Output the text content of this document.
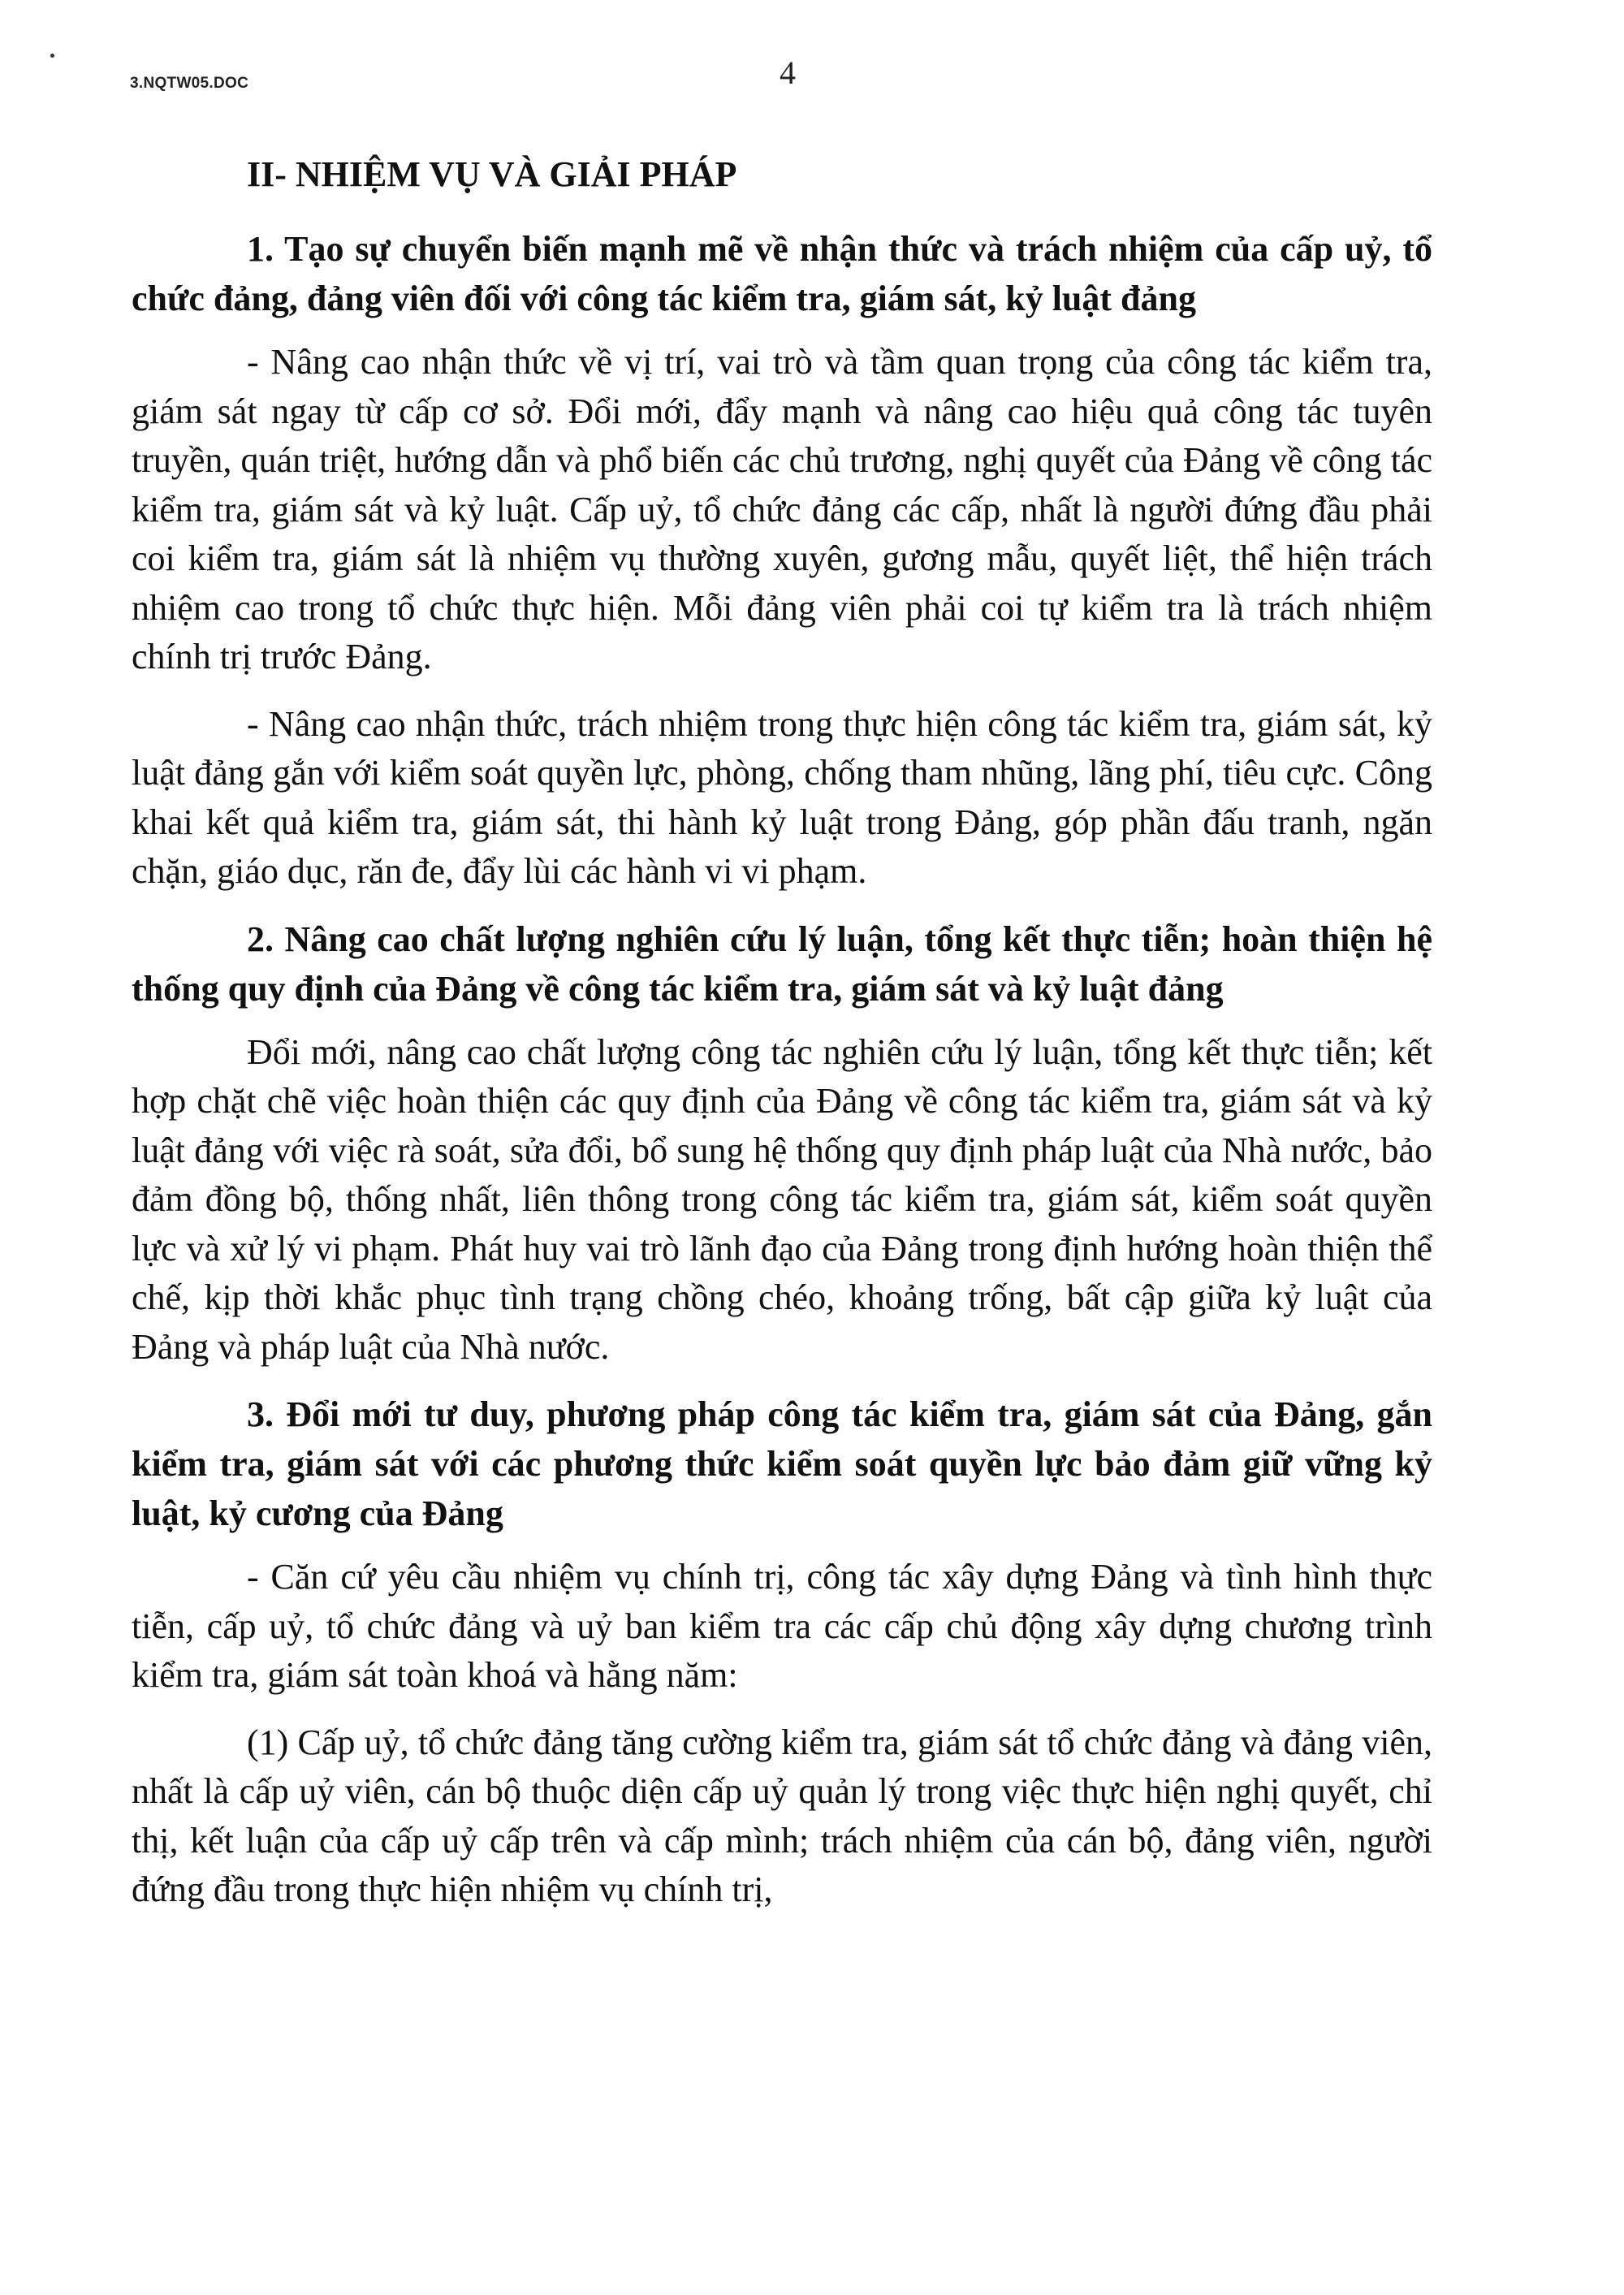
3.NQTW05.DOC	4
II- NHIỆM VỤ VÀ GIẢI PHÁP
1. Tạo sự chuyển biến mạnh mẽ về nhận thức và trách nhiệm của cấp uỷ, tổ chức đảng, đảng viên đối với công tác kiểm tra, giám sát, kỷ luật đảng
- Nâng cao nhận thức về vị trí, vai trò và tầm quan trọng của công tác kiểm tra, giám sát ngay từ cấp cơ sở. Đổi mới, đẩy mạnh và nâng cao hiệu quả công tác tuyên truyền, quán triệt, hướng dẫn và phổ biến các chủ trương, nghị quyết của Đảng về công tác kiểm tra, giám sát và kỷ luật. Cấp uỷ, tổ chức đảng các cấp, nhất là người đứng đầu phải coi kiểm tra, giám sát là nhiệm vụ thường xuyên, gương mẫu, quyết liệt, thể hiện trách nhiệm cao trong tổ chức thực hiện. Mỗi đảng viên phải coi tự kiểm tra là trách nhiệm chính trị trước Đảng.
- Nâng cao nhận thức, trách nhiệm trong thực hiện công tác kiểm tra, giám sát, kỷ luật đảng gắn với kiểm soát quyền lực, phòng, chống tham nhũng, lãng phí, tiêu cực. Công khai kết quả kiểm tra, giám sát, thi hành kỷ luật trong Đảng, góp phần đấu tranh, ngăn chặn, giáo dục, răn đe, đẩy lùi các hành vi vi phạm.
2. Nâng cao chất lượng nghiên cứu lý luận, tổng kết thực tiễn; hoàn thiện hệ thống quy định của Đảng về công tác kiểm tra, giám sát và kỷ luật đảng
Đổi mới, nâng cao chất lượng công tác nghiên cứu lý luận, tổng kết thực tiễn; kết hợp chặt chẽ việc hoàn thiện các quy định của Đảng về công tác kiểm tra, giám sát và kỷ luật đảng với việc rà soát, sửa đổi, bổ sung hệ thống quy định pháp luật của Nhà nước, bảo đảm đồng bộ, thống nhất, liên thông trong công tác kiểm tra, giám sát, kiểm soát quyền lực và xử lý vi phạm. Phát huy vai trò lãnh đạo của Đảng trong định hướng hoàn thiện thể chế, kịp thời khắc phục tình trạng chồng chéo, khoảng trống, bất cập giữa kỷ luật của Đảng và pháp luật của Nhà nước.
3. Đổi mới tư duy, phương pháp công tác kiểm tra, giám sát của Đảng, gắn kiểm tra, giám sát với các phương thức kiểm soát quyền lực bảo đảm giữ vững kỷ luật, kỷ cương của Đảng
- Căn cứ yêu cầu nhiệm vụ chính trị, công tác xây dựng Đảng và tình hình thực tiễn, cấp uỷ, tổ chức đảng và uỷ ban kiểm tra các cấp chủ động xây dựng chương trình kiểm tra, giám sát toàn khoá và hằng năm:
(1) Cấp uỷ, tổ chức đảng tăng cường kiểm tra, giám sát tổ chức đảng và đảng viên, nhất là cấp uỷ viên, cán bộ thuộc diện cấp uỷ quản lý trong việc thực hiện nghị quyết, chỉ thị, kết luận của cấp uỷ cấp trên và cấp mình; trách nhiệm của cán bộ, đảng viên, người đứng đầu trong thực hiện nhiệm vụ chính trị,
